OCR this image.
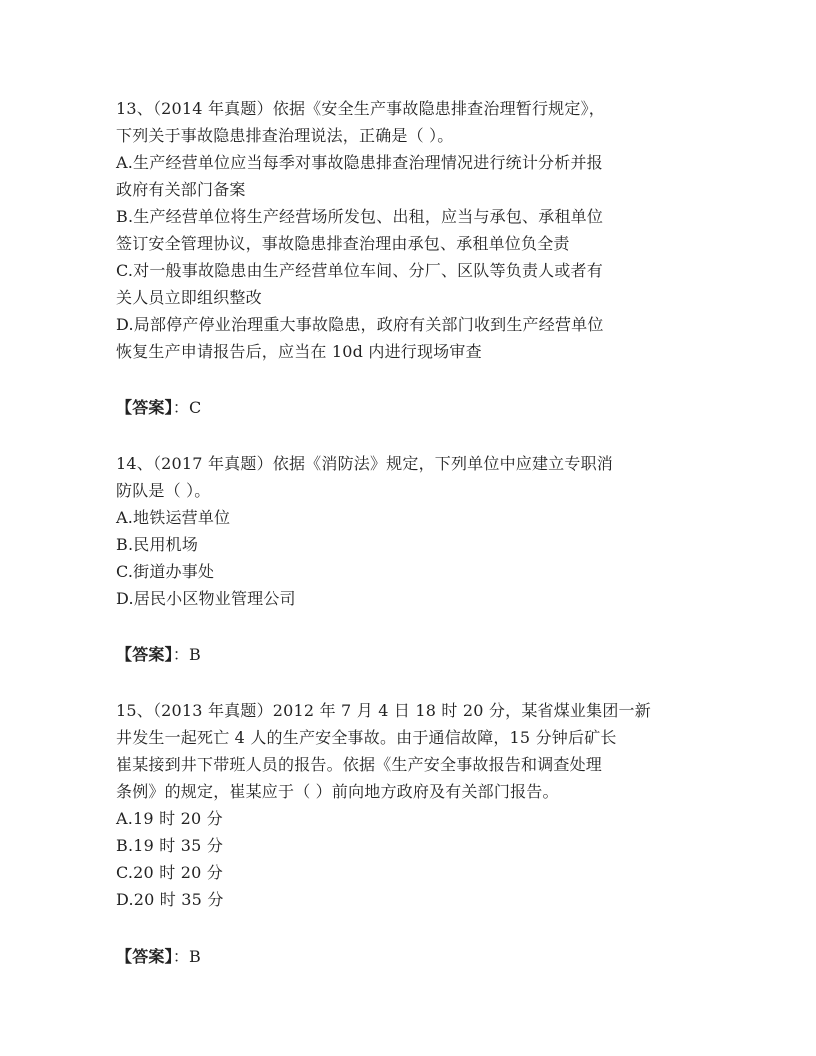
13、（2014 年真题）依据《安全生产事故隐患排查治理暂行规定》，
下列关于事故隐患排查治理说法，正确是（ ）。
A.生产经营单位应当每季对事故隐患排查治理情况进行统计分析并报
政府有关部门备案
B.生产经营单位将生产经营场所发包、出租，应当与承包、承租单位
签订安全管理协议，事故隐患排查治理由承包、承租单位负全责
C.对一般事故隐患由生产经营单位车间、分厂、区队等负责人或者有
关人员立即组织整改
D.局部停产停业治理重大事故隐患，政府有关部门收到生产经营单位
恢复生产申请报告后，应当在 10d 内进行现场审查
【答案】：C
14、（2017 年真题）依据《消防法》规定，下列单位中应建立专职消
防队是（ ）。
A.地铁运营单位
B.民用机场
C.街道办事处
D.居民小区物业管理公司
【答案】：B
15、（2013 年真题）2012 年 7 月 4 日 18 时 20 分，某省煤业集团一新
井发生一起死亡 4 人的生产安全事故。由于通信故障，15 分钟后矿长
崔某接到井下带班人员的报告。依据《生产安全事故报告和调查处理
条例》的规定，崔某应于（ ）前向地方政府及有关部门报告。
A.19 时 20 分
B.19 时 35 分
C.20 时 20 分
D.20 时 35 分
【答案】：B
